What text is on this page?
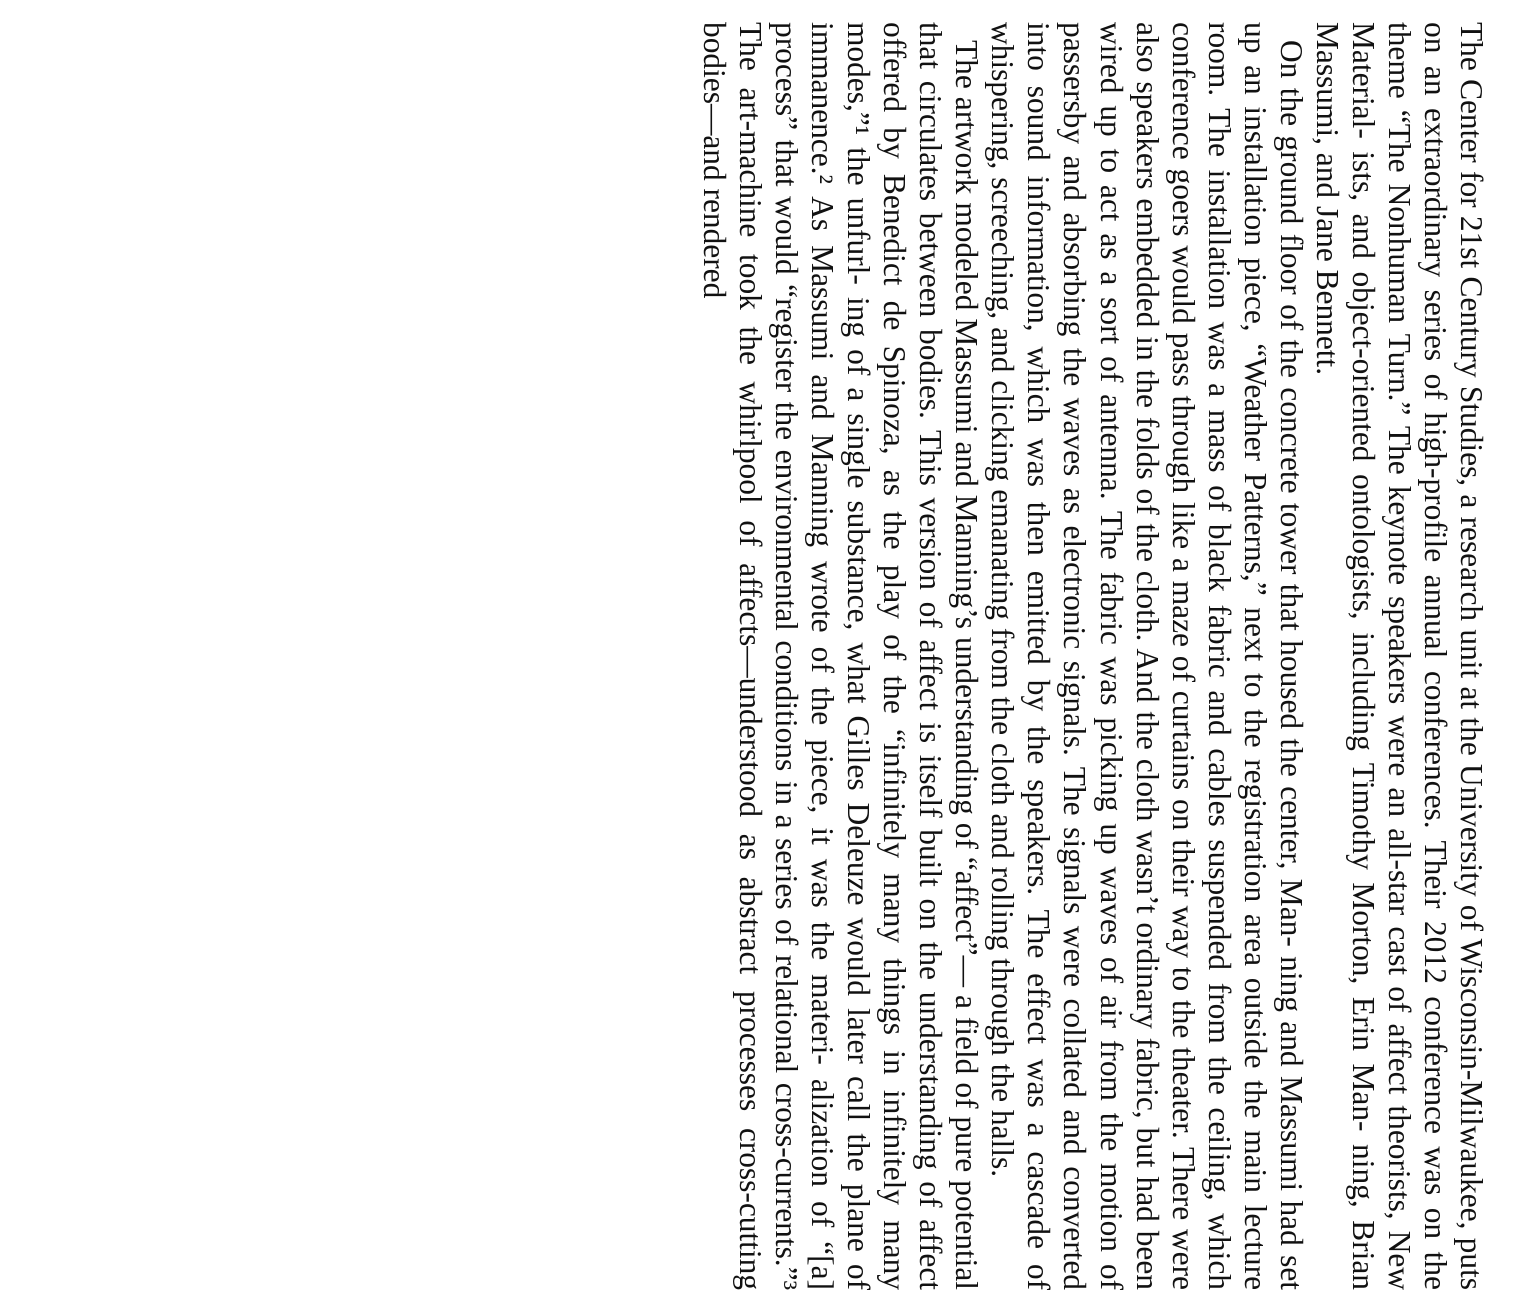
The Center for 21st Century Studies, a research unit at the University of Wisconsin-Milwaukee, puts on an extraordinary series of high-profile annual conferences. Their 2012 conference was on the theme “The Nonhuman Turn.” The keynote speakers were an all-star cast of affect theorists, New Material- ists, and object-oriented ontologists, including Timothy Morton, Erin Man- ning, Brian Massumi, and Jane Bennett.

On the ground floor of the concrete tower that housed the center, Man- ning and Massumi had set up an installation piece, “Weather Patterns,” next to the registration area outside the main lecture room. The installation was a mass of black fabric and cables suspended from the ceiling, which conference goers would pass through like a maze of curtains on their way to the theater. There were also speakers embedded in the folds of the cloth. And the cloth wasn’t ordinary fabric, but had been wired up to act as a sort of antenna. The fabric was picking up waves of air from the motion of passersby and absorbing the waves as electronic signals. The signals were collated and converted into sound information, which was then emitted by the speakers. The effect was a cascade of whispering, screeching, and clicking emanating from the cloth and rolling through the halls.

The artwork modeled Massumi and Manning’s understanding of “affect”— a field of pure potential that circulates between bodies. This version of affect is itself built on the understanding of affect offered by Benedict de Spinoza, as the play of the “infinitely many things in infinitely many modes,”¹ the unfurl- ing of a single substance, what Gilles Deleuze would later call the plane of immanence.² As Massumi and Manning wrote of the piece, it was the materi- alization of “[a] process” that would “register the environmental conditions in a series of relational cross-currents.”³ The art-machine took the whirlpool of affects—understood as abstract processes cross-cutting bodies—and rendered
